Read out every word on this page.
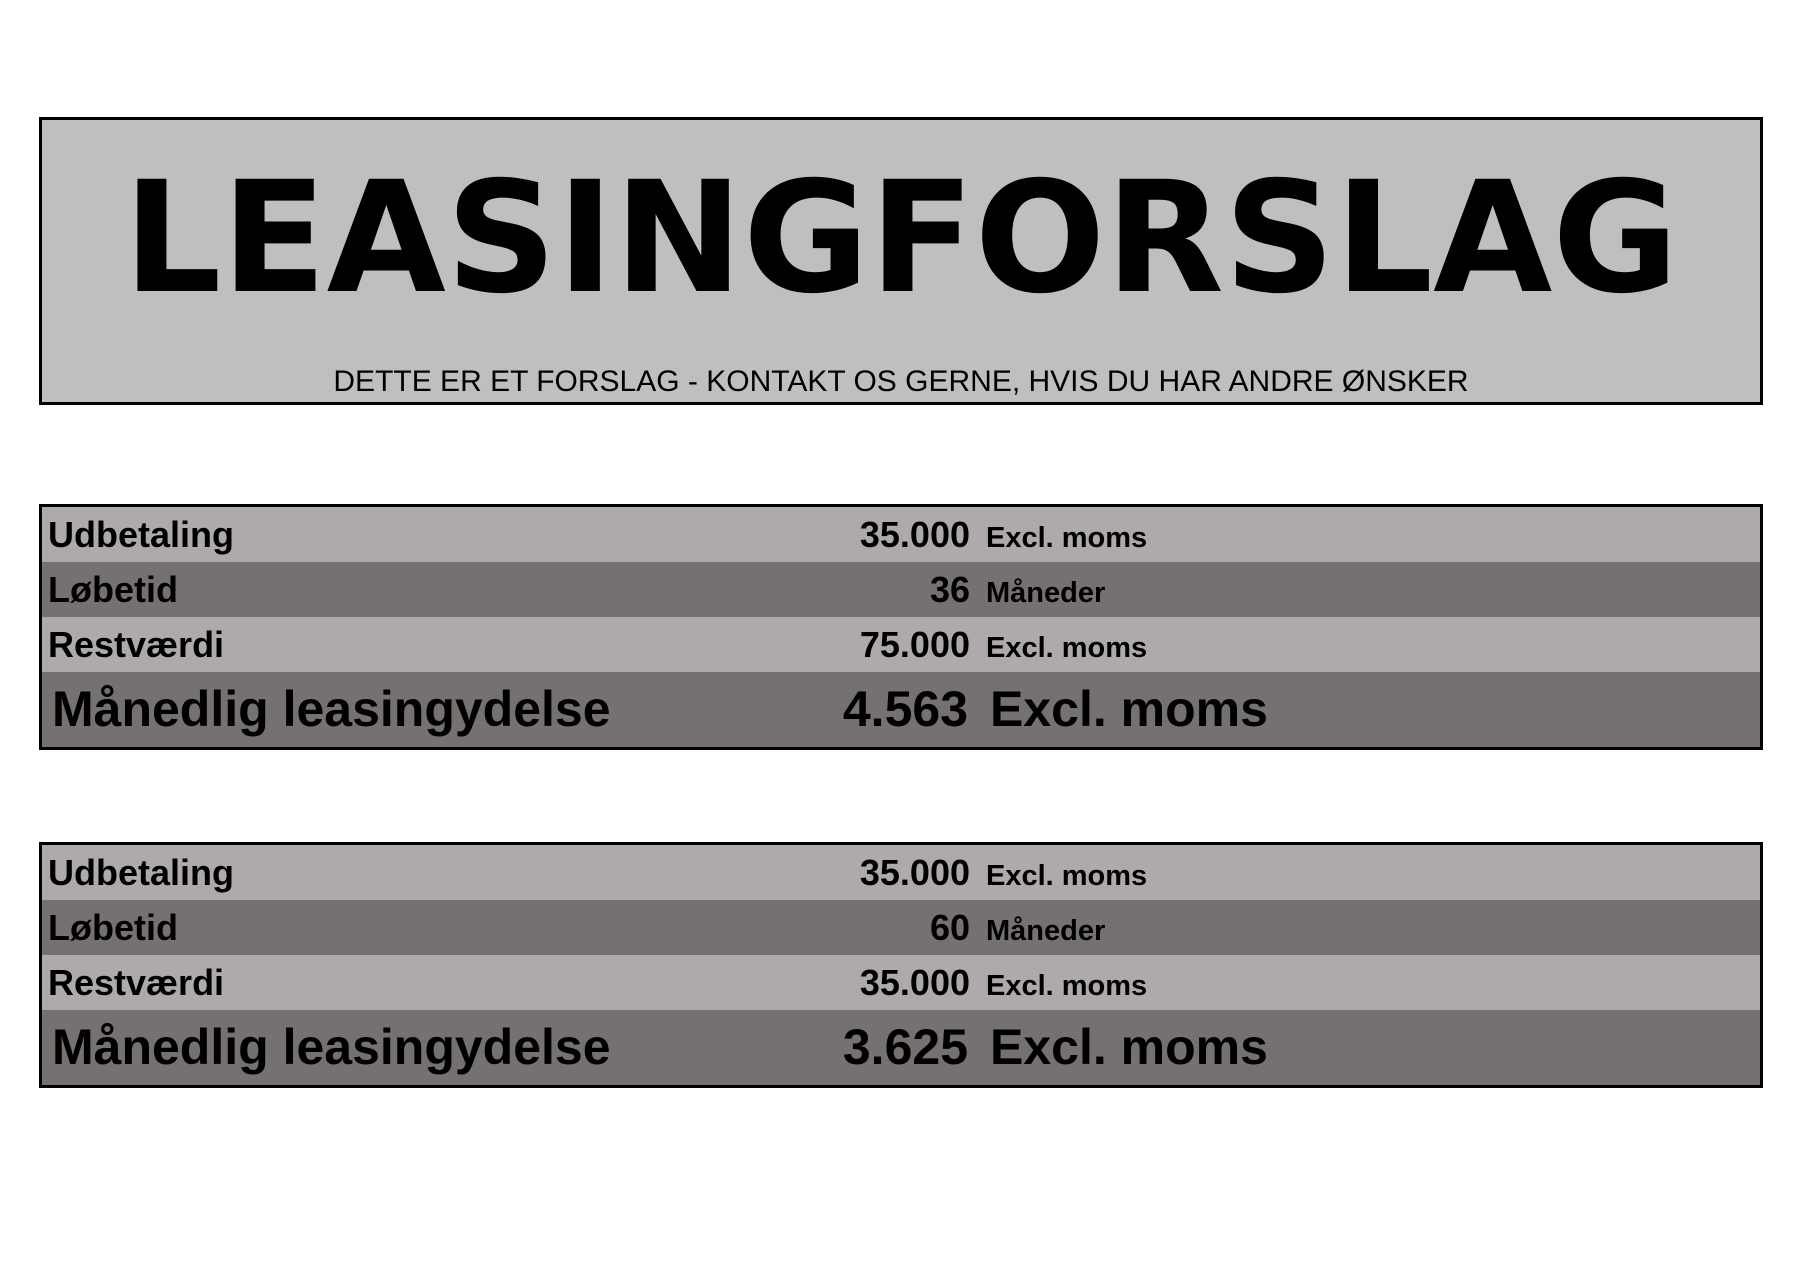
LEASINGFORSLAG
DETTE ER ET FORSLAG - KONTAKT OS GERNE, HVIS DU HAR ANDRE ØNSKER
Udbetaling	35.000 Excl. moms
Løbetid	36 Måneder
Restværdi	75.000 Excl. moms
Månedlig leasingydelse	4.563 Excl. moms
Udbetaling	35.000 Excl. moms
Løbetid	60 Måneder
Restværdi	35.000 Excl. moms
Månedlig leasingydelse	3.625 Excl. moms
